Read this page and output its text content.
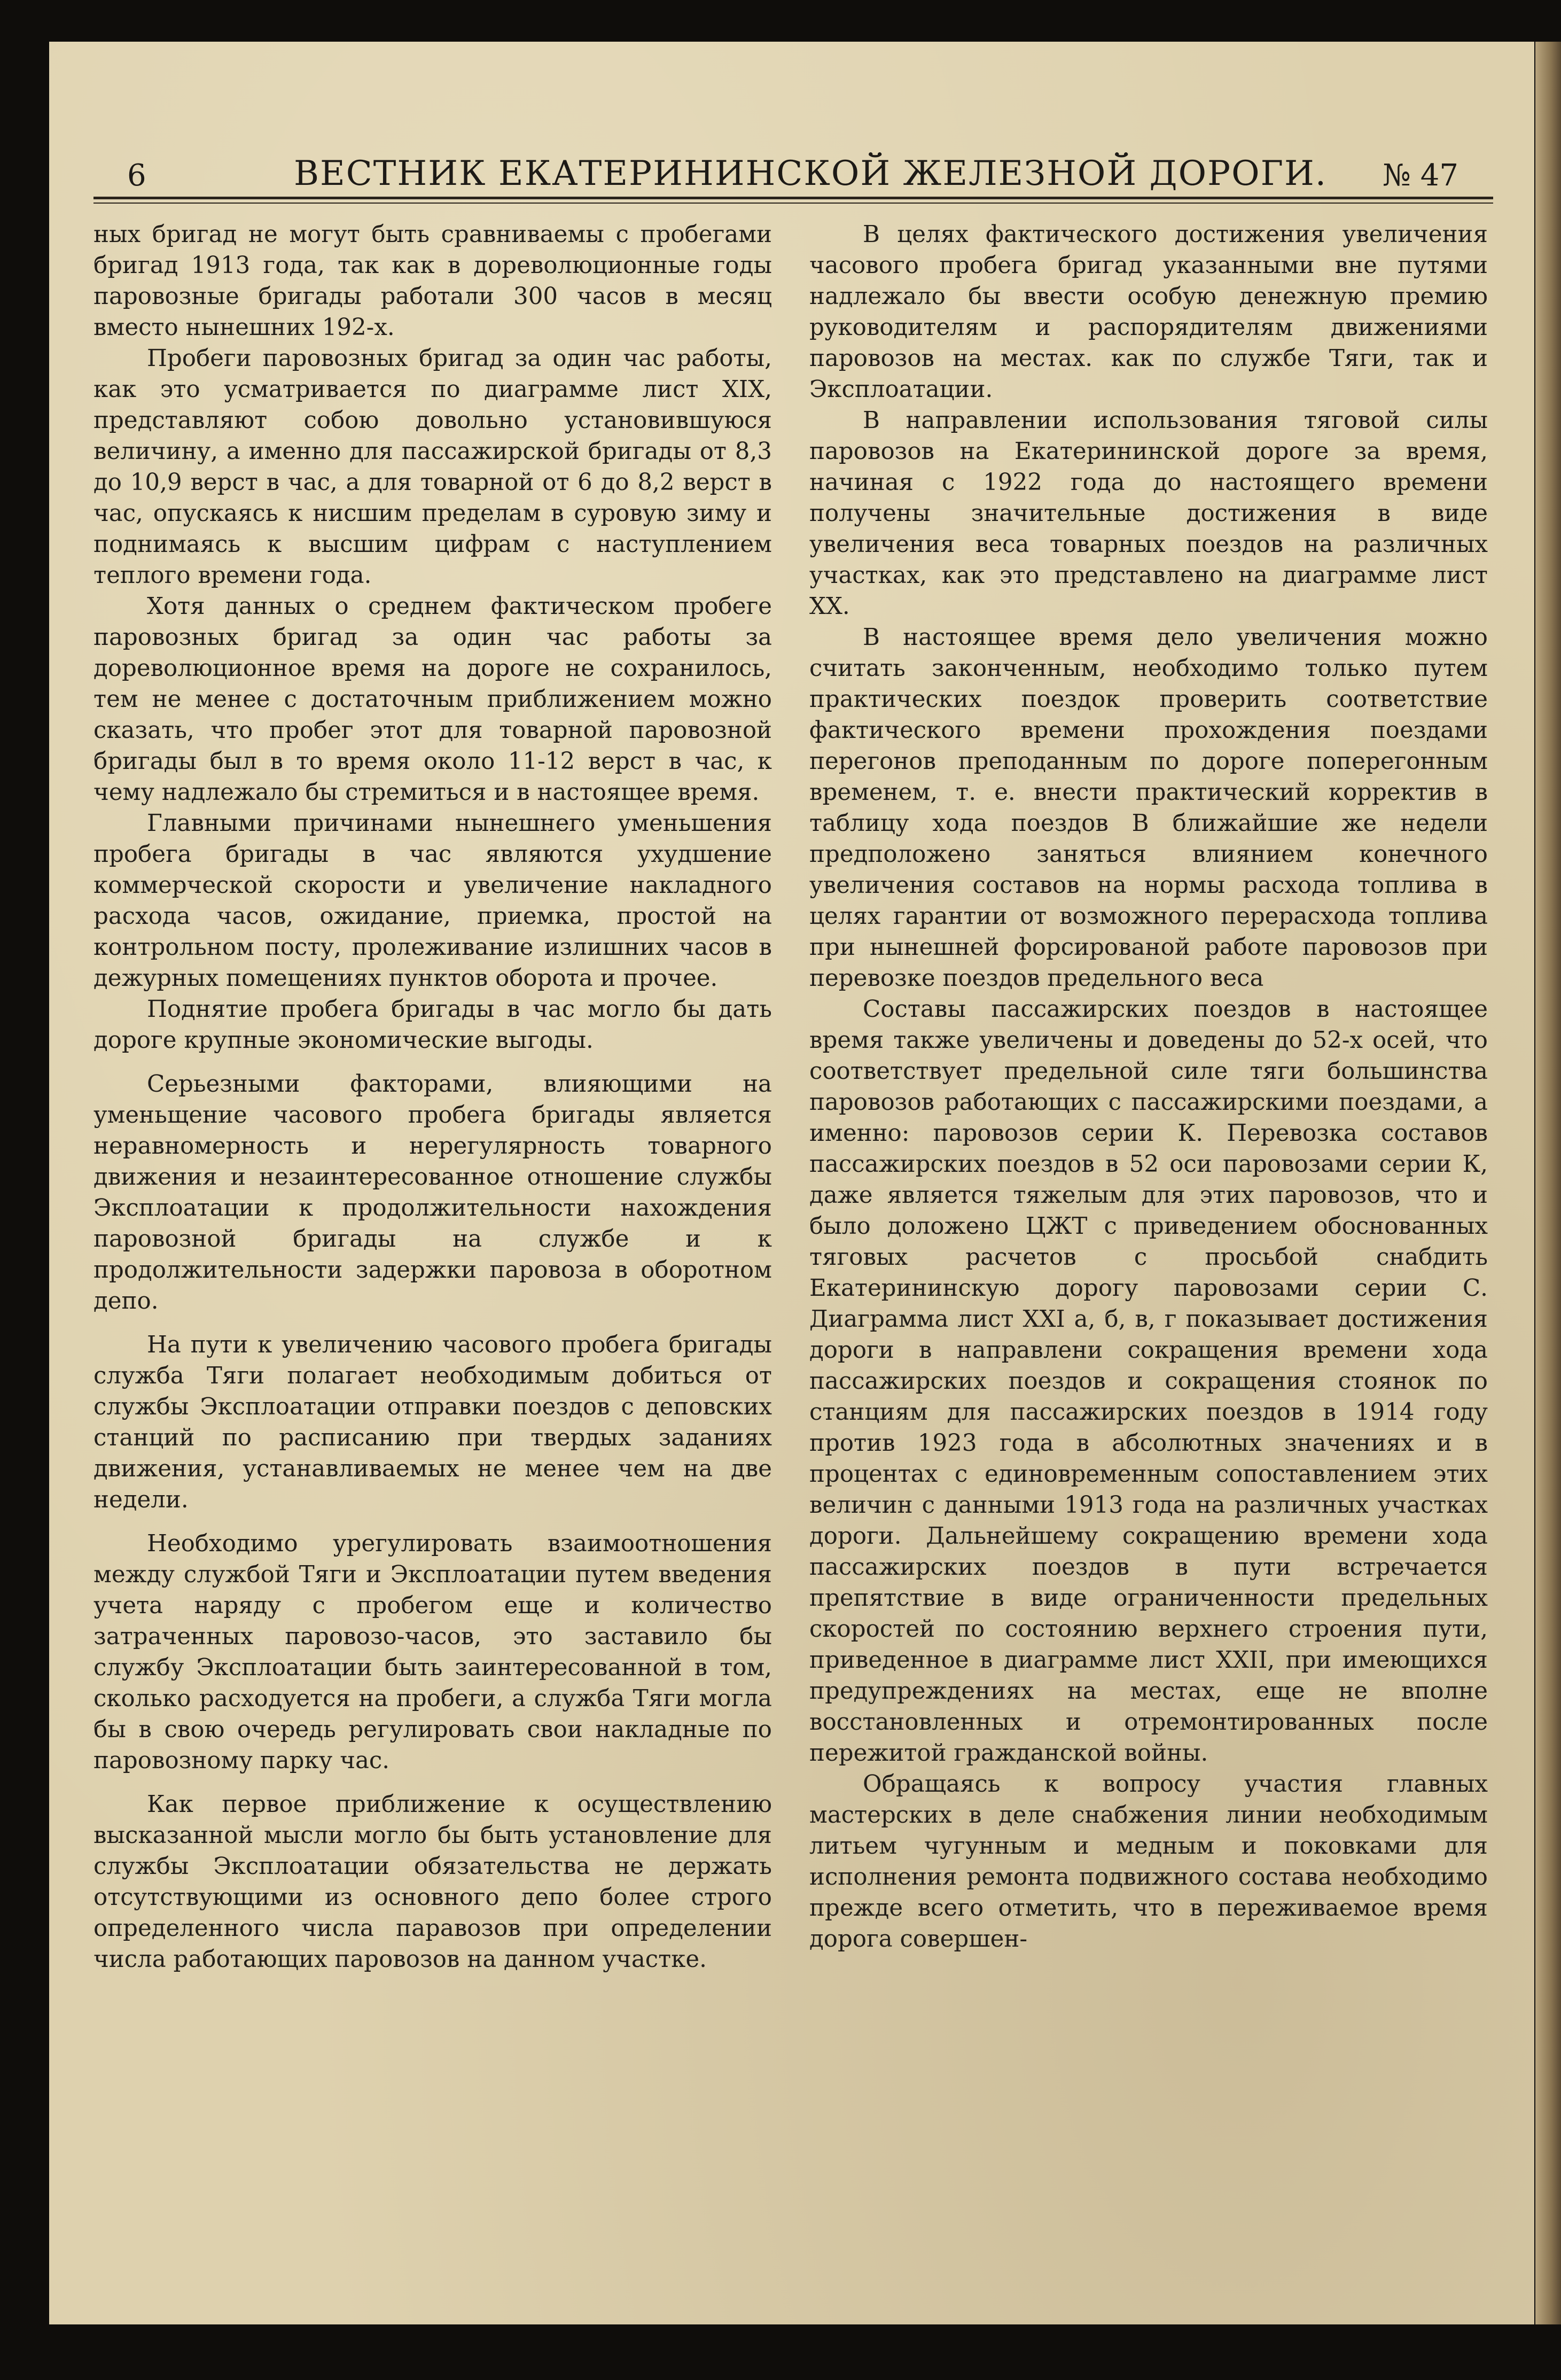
6	ВЕСТНИК ЕКАТЕРИНИНСКОЙ ЖЕЛЕЗНОЙ ДОРОГИ. № 47

ных бригад не могут быть сравниваемы с пробегами бригад 1913 года, так как в дореволюционные годы паровозные бригады работали 300 часов в месяц вместо нынешних 192-х.

Пробеги паровозных бригад за один час работы, как это усматривается по диаграмме лист XIX, представляют собою довольно установившуюся величину, а именно для пассажирской бригады от 8,3 до 10,9 верст в час, а для товарной от 6 до 8,2 верст в час, опускаясь к нисшим пределам в суровую зиму и поднимаясь к высшим цифрам с наступлением теплого времени года.

Хотя данных о среднем фактическом пробеге паровозных бригад за один час работы за дореволюционное время на дороге не сохранилось, тем не менее с достаточным приближением можно сказать, что пробег этот для товарной паровозной бригады был в то время около 11-12 верст в час, к чему надлежало бы стремиться и в настоящее время.

Главными причинами нынешнего уменьшения пробега бригады в час являются ухудшение коммерческой скорости и увеличение накладного расхода часов, ожидание, приемка, простой на контрольном посту, пролеживание излишних часов в дежурных помещениях пунктов оборота и прочее.

Поднятие пробега бригады в час могло бы дать дороге крупные экономические выгоды.

Серьезными факторами, влияющими на уменьщение часового пробега бригады является неравномерность и нерегулярность товарного движения и незаинтересованное отношение службы Эксплоатации к продолжительности нахождения паровозной бригады на службе и к продолжительности задержки паровоза в оборотном депо.

На пути к увеличению часового пробега бригады служба Тяги полагает необходимым добиться от службы Эксплоатации отправки поездов с деповских станций по расписанию при твердых заданиях движения, устанавливаемых не менее чем на две недели.

Необходимо урегулировать взаимоотношения между службой Тяги и Эксплоатации путем введения учета наряду с пробегом еще и количество затраченных паровозо-часов, это заставило бы службу Эксплоатации быть заинтересованной в том, сколько расходуется на пробеги, а служба Тяги могла бы в свою очередь регулировать свои накладные по паровозному парку час.

Как первое приближение к осуществлению высказанной мысли могло бы быть установление для службы Эксплоатации обязательства не держать отсутствующими из основного депо более строго определенного числа паравозов при определении числа работающих паровозов на данном участке.

В целях фактического достижения увеличения часового пробега бригад указанными вне путями надлежало бы ввести особую денежную премию руководителям и распорядителям движениями паровозов на местах. как по службе Тяги, так и Эксплоатации.

В направлении использования тяговой силы паровозов на Екатерининской дороге за время, начиная с 1922 года до настоящего времени получены значительные достижения в виде увеличения веса товарных поездов на различных участках, как это представлено на диаграмме лист XX.

В настоящее время дело увеличения можно считать законченным, необходимо только путем практических поездок проверить соответствие фактического времени прохождения поездами перегонов преподанным по дороге поперегонным временем, т. е. внести практический корректив в таблицу хода поездов В ближайшие же недели предположено заняться влиянием конечного увеличения составов на нормы расхода топлива в целях гарантии от возможного перерасхода топлива при нынешней форсированой работе паровозов при перевозке поездов предельного веса

Составы пассажирских поездов в настоящее время также увеличены и доведены до 52-х осей, что соответствует предельной силе тяги большинства паровозов работающих с пассажирскими поездами, а именно: паровозов серии К. Перевозка составов пассажирских поездов в 52 оси паровозами серии К, даже является тяжелым для этих паровозов, что и было доложено ЦЖТ с приведением обоснованных тяговых расчетов с просьбой снабдить Екатерининскую дорогу паровозами серии С. Диаграмма лист XXI а, б, в, г показывает достижения дороги в направлени сокращения времени хода пассажирских поездов и сокращения стоянок по станциям для пассажирских поездов в 1914 году против 1923 года в абсолютных значениях и в процентах с единовременным сопоставлением этих величин с данными 1913 года на различных участках дороги. Дальнейшему сокращению времени хода пассажирских поездов в пути встречается препятствие в виде ограниченности предельных скоростей по состоянию верхнего строения пути, приведенное в диаграмме лист XXII, при имеющихся предупреждениях на местах, еще не вполне восстановленных и отремонтированных после пережитой гражданской войны.

Обращаясь к вопросу участия главных мастерских в деле снабжения линии необходимым литьем чугунным и медным и поковками для исполнения ремонта подвижного состава необходимо прежде всего отметить, что в переживаемое время дорога совершен-
